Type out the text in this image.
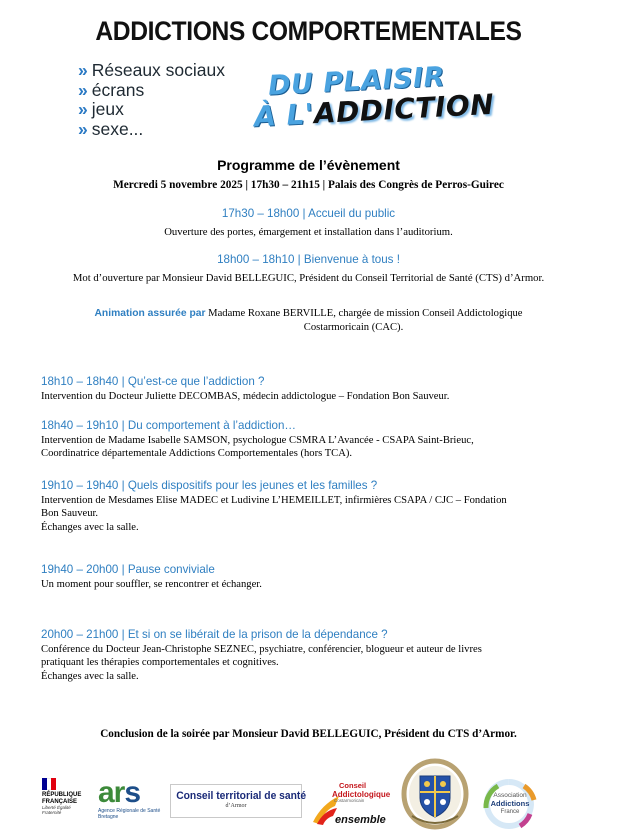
ADDICTIONS COMPORTEMENTALES
» Réseaux sociaux
» écrans
» jeux
» sexe...
DU PLAISIR
À L'ADDICTION
Programme de l’évènement
Mercredi 5 novembre 2025 | 17h30 – 21h15 | Palais des Congrès de Perros-Guirec
17h30 – 18h00 | Accueil du public
Ouverture des portes, émargement et installation dans l’auditorium.
18h00 – 18h10 | Bienvenue à tous !
Mot d’ouverture par Monsieur David BELLEGUIC, Président du Conseil Territorial de Santé (CTS) d’Armor.
Animation assurée par Madame Roxane BERVILLE, chargée de mission Conseil Addictologique
Costarmoricain (CAC).
18h10 – 18h40 | Qu’est-ce que l’addiction ?
Intervention du Docteur Juliette DECOMBAS, médecin addictologue – Fondation Bon Sauveur.
18h40 – 19h10 | Du comportement à l’addiction…
Intervention de Madame Isabelle SAMSON, psychologue CSMRA L’Avancée - CSAPA Saint-Brieuc,
Coordinatrice départementale Addictions Comportementales (hors TCA).
19h10 – 19h40 | Quels dispositifs pour les jeunes et les familles ?
Intervention de Mesdames Elise MADEC et Ludivine L’HEMEILLET, infirmières CSAPA / CJC – Fondation
Bon Sauveur.
Échanges avec la salle.
19h40 – 20h00 | Pause conviviale
Un moment pour souffler, se rencontrer et échanger.
20h00 – 21h00 | Et si on se libérait de la prison de la dépendance ?
Conférence du Docteur Jean-Christophe SEZNEC, psychiatre, conférencier, blogueur et auteur de livres
pratiquant les thérapies comportementales et cognitives.
Échanges avec la salle.
Conclusion de la soirée par Monsieur David BELLEGUIC, Président du CTS d’Armor.
RÉPUBLIQUE
FRANÇAISE
Liberté Égalité Fraternité
ars
Agence Régionale de Santé
Bretagne
Conseil territorial de santé
d’Armor
Conseil
Addictologique
Costarmoricain
ensemble
Association
Addictions
France
